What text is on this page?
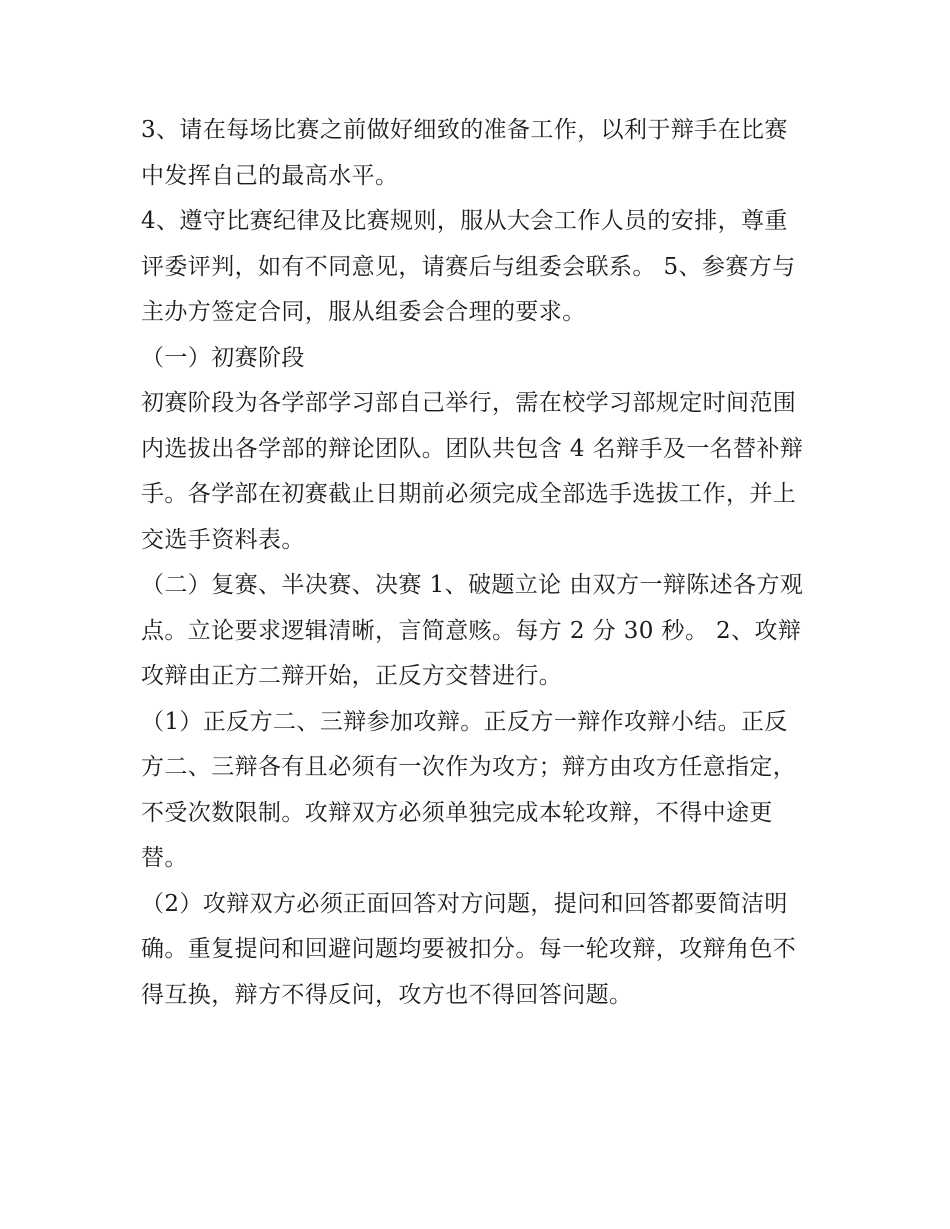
3、请在每场比赛之前做好细致的准备工作，以利于辩手在比赛中发挥自己的最高水平。

4、遵守比赛纪律及比赛规则，服从大会工作人员的安排，尊重评委评判，如有不同意见，请赛后与组委会联系。 5、参赛方与主办方签定合同，服从组委会合理的要求。

（一）初赛阶段

初赛阶段为各学部学习部自己举行，需在校学习部规定时间范围内选拔出各学部的辩论团队。团队共包含 4 名辩手及一名替补辩手。各学部在初赛截止日期前必须完成全部选手选拔工作，并上交选手资料表。

（二）复赛、半决赛、决赛 1、破题立论 由双方一辩陈述各方观点。立论要求逻辑清晰，言简意赅。每方 2 分 30 秒。 2、攻辩 攻辩由正方二辩开始，正反方交替进行。

（1）正反方二、三辩参加攻辩。正反方一辩作攻辩小结。正反方二、三辩各有且必须有一次作为攻方；辩方由攻方任意指定，不受次数限制。攻辩双方必须单独完成本轮攻辩，不得中途更替。

（2）攻辩双方必须正面回答对方问题，提问和回答都要简洁明确。重复提问和回避问题均要被扣分。每一轮攻辩，攻辩角色不得互换，辩方不得反问，攻方也不得回答问题。
